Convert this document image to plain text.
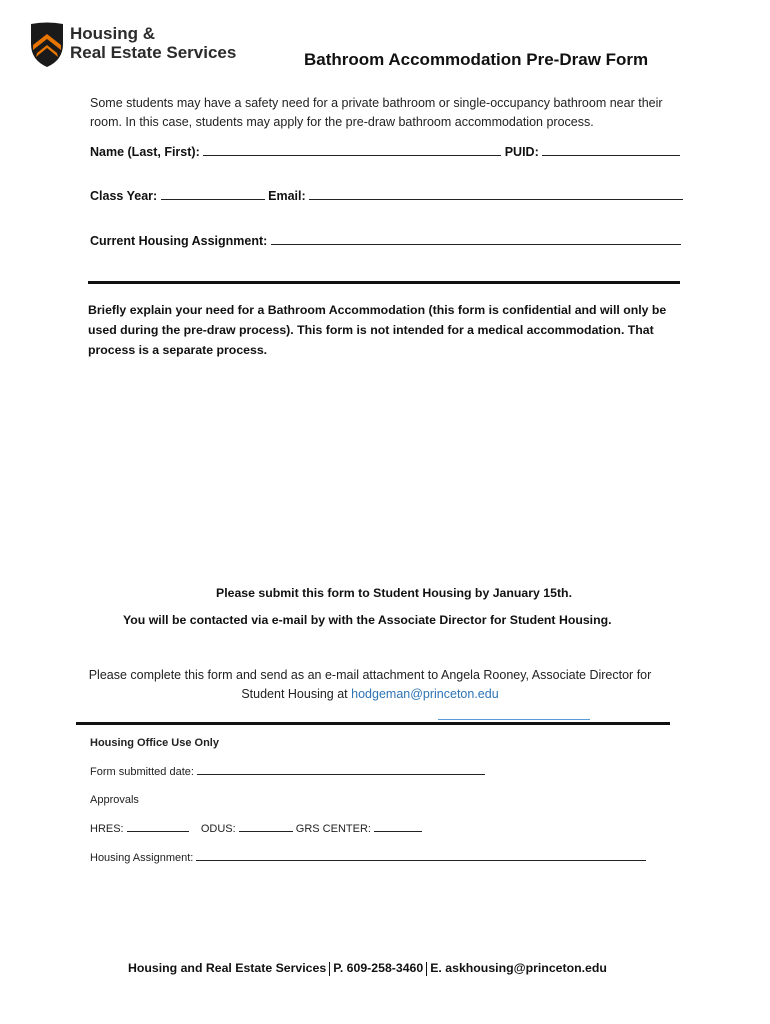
Housing &
Real Estate Services	Bathroom Accommodation Pre-Draw Form
Some students may have a safety need for a private bathroom or single-occupancy bathroom near their room. In this case, students may apply for the pre-draw bathroom accommodation process.
Name (Last, First):	PUID:
Class Year:	Email:
Current Housing Assignment:
Briefly explain your need for a Bathroom Accommodation (this form is confidential and will only be used during the pre-draw process). This form is not intended for a medical accommodation. That process is a separate process.
Please submit this form to Student Housing by January 15th.
You will be contacted via e-mail by with the Associate Director for Student Housing.
Please complete this form and send as an e-mail attachment to Angela Rooney, Associate Director for Student Housing at hodgeman@princeton.edu
Housing Office Use Only
Form submitted date:
Approvals
HRES:	ODUS:	GRS CENTER:
Housing Assignment:
Housing and Real Estate Services P. 609-258-3460 E. askhousing@princeton.edu
